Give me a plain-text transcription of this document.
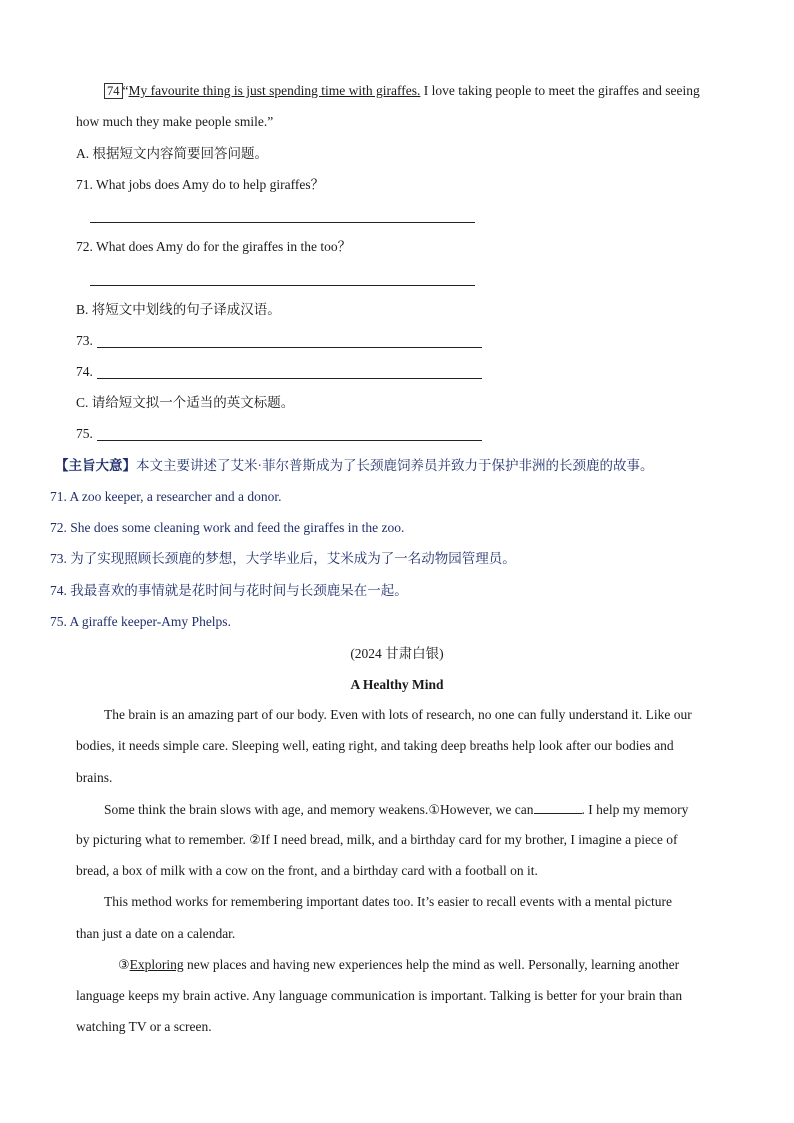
74 “My favourite thing is just spending time with giraffes. I love taking people to meet the giraffes and seeing
how much they make people smile.”
A. 根据短文内容简要回答问题。
71. What jobs does Amy do to help giraffes？
72. What does Amy do for the giraffes in the too？
B. 将短文中划线的句子译成汉语。
73.
74.
C. 请给短文拟一个适当的英文标题。
75.
【主旨大意】本文主要讲述了艾米·菲尔普斯成为了长颈鹿饲养员并致力于保护非洲的长颈鹿的故事。
71. A zoo keeper, a researcher and a donor.
72. She does some cleaning work and feed the giraffes in the zoo.
73. 为了实现照顾长颈鹿的梦想，大学毕业后，艾米成为了一名动物园管理员。
74. 我最喜欢的事情就是花时间与花时间与长颈鹿呆在一起。
75. A giraffe keeper-Amy Phelps.
(2024 甘肃白银)
A Healthy Mind
The brain is an amazing part of our body. Even with lots of research, no one can fully understand it. Like our
bodies, it needs simple care. Sleeping well, eating right, and taking deep breaths help look after our bodies and
brains.
Some think the brain slows with age, and memory weakens.①However, we can	. I help my memory
by picturing what to remember. ②If I need bread, milk, and a birthday card for my brother, I imagine a piece of
bread, a box of milk with a cow on the front, and a birthday card with a football on it.
This method works for remembering important dates too. It’s easier to recall events with a mental picture
than just a date on a calendar.
③Exploring new places and having new experiences help the mind as well. Personally, learning another
language keeps my brain active. Any language communication is important. Talking is better for your brain than
watching TV or a screen.
